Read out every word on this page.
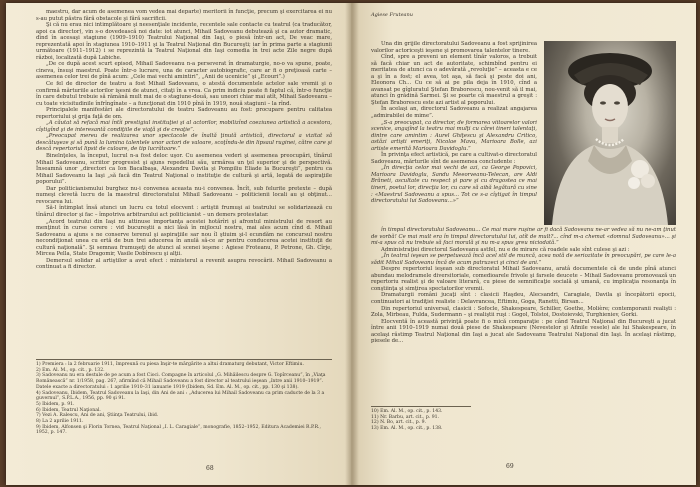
maestru, dar acum de asemenea vom vedea mai departe) meritorii în funcţie, precum şi exercitarea ei nu s-au putut păstra fără obstacole şi fără sacrificii.

Şi că nu erau nici intimplătoare şi neesenţiale incidente, recentele sale contacte cu teatrul (ca traducător, apoi ca director), vin s-o dovedească noi date: iot atunci, Mihail Sadoveanu debutează şi ca autor dramatic, dînd în acesaşi stagiune (1909–1910) Teatrului Naţional din Iaşi, o piesă într-un act, De veac mare, reprezentată apoi în stagiunea 1910–1911 şi la Teatrul Naţional din Bucureşti; iar în prima parte a stagiunii următoare (1911–1912) i se reprezintă la Teatrul Naţional din Iaşi comedia în trei acte Zile negre după război, localizată după Labiche.

„De ce după acest scurt episod, Mihail Sadoveanu n-a perseverat în dramaturgie, no-o va spune, poate, cineva, însuşi maestrul. Poate într-o lucrare, una de caracter autobiografic, care ar fi o preţioasă carte – asemenea celor trei de pînă acum: „Cele mai vechi amintiri”, „Anii de ucenicie” şi „Ecouri”.)

Ce fel de director de teatru a fost Mihail Sadoveanu, o atestă documentele actelor sale vremii şi o confirmă mărturiile actorilor işesni de atunci, citaţi în a vrea. Ca prim indiciu poate fi faptul că, într-o funcţie în care debutul trebuie să rămână mult mai de o stagiune-două, sau uneori chiar mai atît, Mihail Sadoveanu – cu toate vicisitudinile înfrîngînate – a funcţionat din 1910 pînă în 1919, nouă stagiuni – la rînd.

Principalele manifestări ale directoratului de teatru Sadoveanu au fost: procupare pentru calitatea repertoriului şi grija faţă de om.

„A căutat să refacă mai întîi prestigiul instituţiei şi al actorilor, mobilizînd coeziunea artistică a acestora, cîştigînd şi de interesantă condiţiile de viaţă şi de creaţie”.

„Preocupat mereu de realizarea unor spectacole de înaltă ţinută artistică, directorul a vizitat să descătuşeze şi să pună la lumina talentele unor actori de valoare, scoţîndu-le din lipsaul ruginei, către care şi descă repertoriul lipsit de culoare, de tip lucrătoare.”

Binelnţeles, la început, lucrul n-a fost deloc uşor. Cu asemenea vederi şi asemenea preocupări, tînărul Mihail Sadoveanu, scriitor progresist şi ajuns repedellui său, urmărea un ţel superior şi de perspectivă. Înseamnă unor „directori ca Ion Bacalbaşa, Alexandru Davila şi Pompiliu Eliade la Bucureşti”, pentru ca Mihail Sadoveanu la Iaşi „să facă din Teatrul Naţional o instituţie de cultură şi artă, legată de aspiraţiile poporului”.

Dar politicianismului burghez nu-i convenea aceasta nu-i convenea. Încît, sub felurite pretexte – după numeşi clevetă lucru de la maestrul directoratului Mihail Sadoveanu – politicienii locali au şi obţinut... revocarea lui.

Să-l întimplat însă atunci un lucru cu totul elocvent : artiştii frumuşi ai teatrului se solidarizează cu tînărul director şi fac – împotriva arbitrarului act politicianist – un demers protestatar.

„Acord teatrului din Iaşi nu attinuse importanţa acestei hotărîri şi afrontul ministrului de resort au menţinut în curse cerere : vid bucureştii a nici lăsă în mijlocul nostru, mai ales acum cînd d. Mihail Sadoveanu a ajuns s ne conserve terenul şi aspiraţiile sar nou îl ştiuim şi-l ecundăm ne concursul nostru necondiţionat unea cu ertă de bun trei aducerea în anulă să-ce ar pentru conducerea acetei instituţii de cultură naţională”. Şi semnau frumuşeţi de atunci al scenei ieşene : Agiese Froteanu, P. Petrone, Gh. Cîrje, Mircea Pella, State Dragomir, Vasile Dobîrescu şi alţii.

Demersul solidar al artiştilor a avut efect : ministerul a revenit asupra revocării. Mihail Sadoveanu a continuat a fi director.

1) Premiera : la 2 februarie 1911, împreună cu piesa Inşir-te mărgărite a altui dramaturg debutant, Victor Eftimiu.
2) Em. Al. M., op. cit., p. 132.
3) Sadoveanu nu era destule de pe acum a fost Cioci. Compagne în articolul „G. Mihăilescu despre G. Topîrceanu”, în „Viaţa Românească” nr. 1/1958, pag. 267, afirmînd că Mihail Sadoveanu a fost director al teatrului ieşean „între anii 1910–1919”. Datele exacte a directoratului : 1 aprilie 1910–31 ianuarie 1919 (Ibidem, Sd. Em. Al. M., op. cit., pp. 130 şi 138).
4) Sadoveanu, Ibidem, Teatrul Sadoveanu la Iaşi, din Ani de ani : „Aducerea lui Mihail Sadoveanu ca prim caducte de la 3 a guvernul”, S.P.L.A., 1956, pp. 90 şi 91.
5) Ibidem, p. 91.
6) Ibidem, Teatrul Naţional.
7) Vezi A. Ralescu, Ani de ani, Ştiinţa Teatrului, ibid.
8) La 2 aprilie 1911.
9) Ibidem, Alfonsen şi Florin Tornea, Teatrul Naţional „I. L. Caragiale”, monografie, 1852–1952, Editura Academiei R.P.R., 1952, p. 147.
68
Agiese Fruteanu

Una din grijile directoratului Sadoveanu a fost sprijinirea valorilor actoriceşti ieşene şi promovarea talentelor tinere.

Cînd, spre a preveni un element tînăr valoros, a trebuit să facă chiar un act de autoritate, schimbînd pentru ei meritatea de atunci ca o adevărată „revoluţie” – aceasta e ce a şi în a fost; el avea, tot aşa, să facă şi peste doi ani, Eleonora Ch... Cu ce să ai pe pila deja în 1910, cînd a avansat pe gîgluratul Ştefan Braborescu, nou-venit să il mai, atunci în grădină Sarmei. Şi se poarte că maestrul a greşit : Ştefan Braborescu este azi artist al poporului.

În acelaşi an, directorul Sadoveanu a realizat angajarea „admirabilei de mime”.

„S-a preocupat, ca director, de formarea viitoarelor valori scenice, angajînd la teatru mai mulţi cu cărei tineri talentaţi, dintre care amintim : Aurel Ghiţescu şi Alexandru Critico, astăzi artişti emeriţi, Nicolae Mavu, Marioara Bolle, azi artiste emerită Marioara Davidoglu.”

În privinţa efect artistică, pe care a cultivat-o directoratul Sadoveanu, mărturile sînt de asemenea concludente :

„În direcţia celor mai vechi de azi, ca George Popovici, Marioara Davidoglu, Sandu Meeorveanu-Telecan, are Aldi Brăneti, ascultate cu respect şi pare şi cu dragostea ce mai tineri, poetul lor, direcţia lor, cu care să aibă legătură cu sine : «Maestrul Sadoveanu a spus... Tot ce s-a cîştigat în timpul directoratului lui Sadoveanu...»”

în timpul directoratului Sadoveanu... Ce mai mare ruşine ar fi dacă Sadoveanu ne-ar vedea să nu ne-am ţinut de vorbă! Ce mai mult era în timpul directoratului lui, atît de mult?... cînd m-a chemat «domnul Sadoveanu»... şi mi-a spus că nu trebuie să faci morală şi nu m-a spus greu niciodată.”

Administraţiei directorul Sadoveanu astfel, nu e de mirare că roadele sale sînt culese şi azi :

„În teatrul ieşean se perpetuează încă acel stil de muncă, acea notă de seriozitate în preocupări, pe care le-a sădit Mihail Sadoveanu încă de acum patruzeci şi cinci de ani.”

Despre repertoriul ieşean sub directoratul Mihail Sadoveanu, aratâ documentele că de unde pînă atunci abundau melodramele diversitoriale, comedioarele frivole şi farsele deucete – Mihail Sadoveanu promovează un repertoriu realist şi de valoare literară, cu piese de semnificaţie socială şi umană, cu implicaţia resonanţa în conştiinţa şi simţirea spectatorilor vremii.

Dramaturgii români jucaţi sînt : clasicii Haşdeu, Alecsandri, Caragiale, Davila şi începătorii epocii, continuatori ai tradiţiei realiste : Delavrancea, Eftimiu, Goga, Ranetti, Birsan...

Din repertoriul universal, clasicii : Sofocle, Shakespeare, Schiller, Goethe, Molière; contemporanii realişti : Zola, Mirbeau, Fulda, Sudermann – şi realiştii ruşi : Gogol, Tolstoi, Dostoievski, Turghieniev, Gorki.

Elocventă în această privinţă poate fi o mică comparaţie : pe când Teatrul Naţional din Bucureşti a jucat între anii 1910–1919 numai două piese de Shakespeare (Nevestelor şi Afinile vesele) ale lui Shakespeare, în acelaşi răstimp Teatrul Naţional din Iaşi a jucat ale Sadoveanu Teatrului Naţional din Iaşi. În acelaşi răstimp, piesele de...

10) Em. Al. M., op. cit., p. 143.
11) Nr. Barbu, art. cit., p. 91.
12) N. Bo, art. cit., p. 9.
13) Em. Al. M., op. cit., p. 138.
69
